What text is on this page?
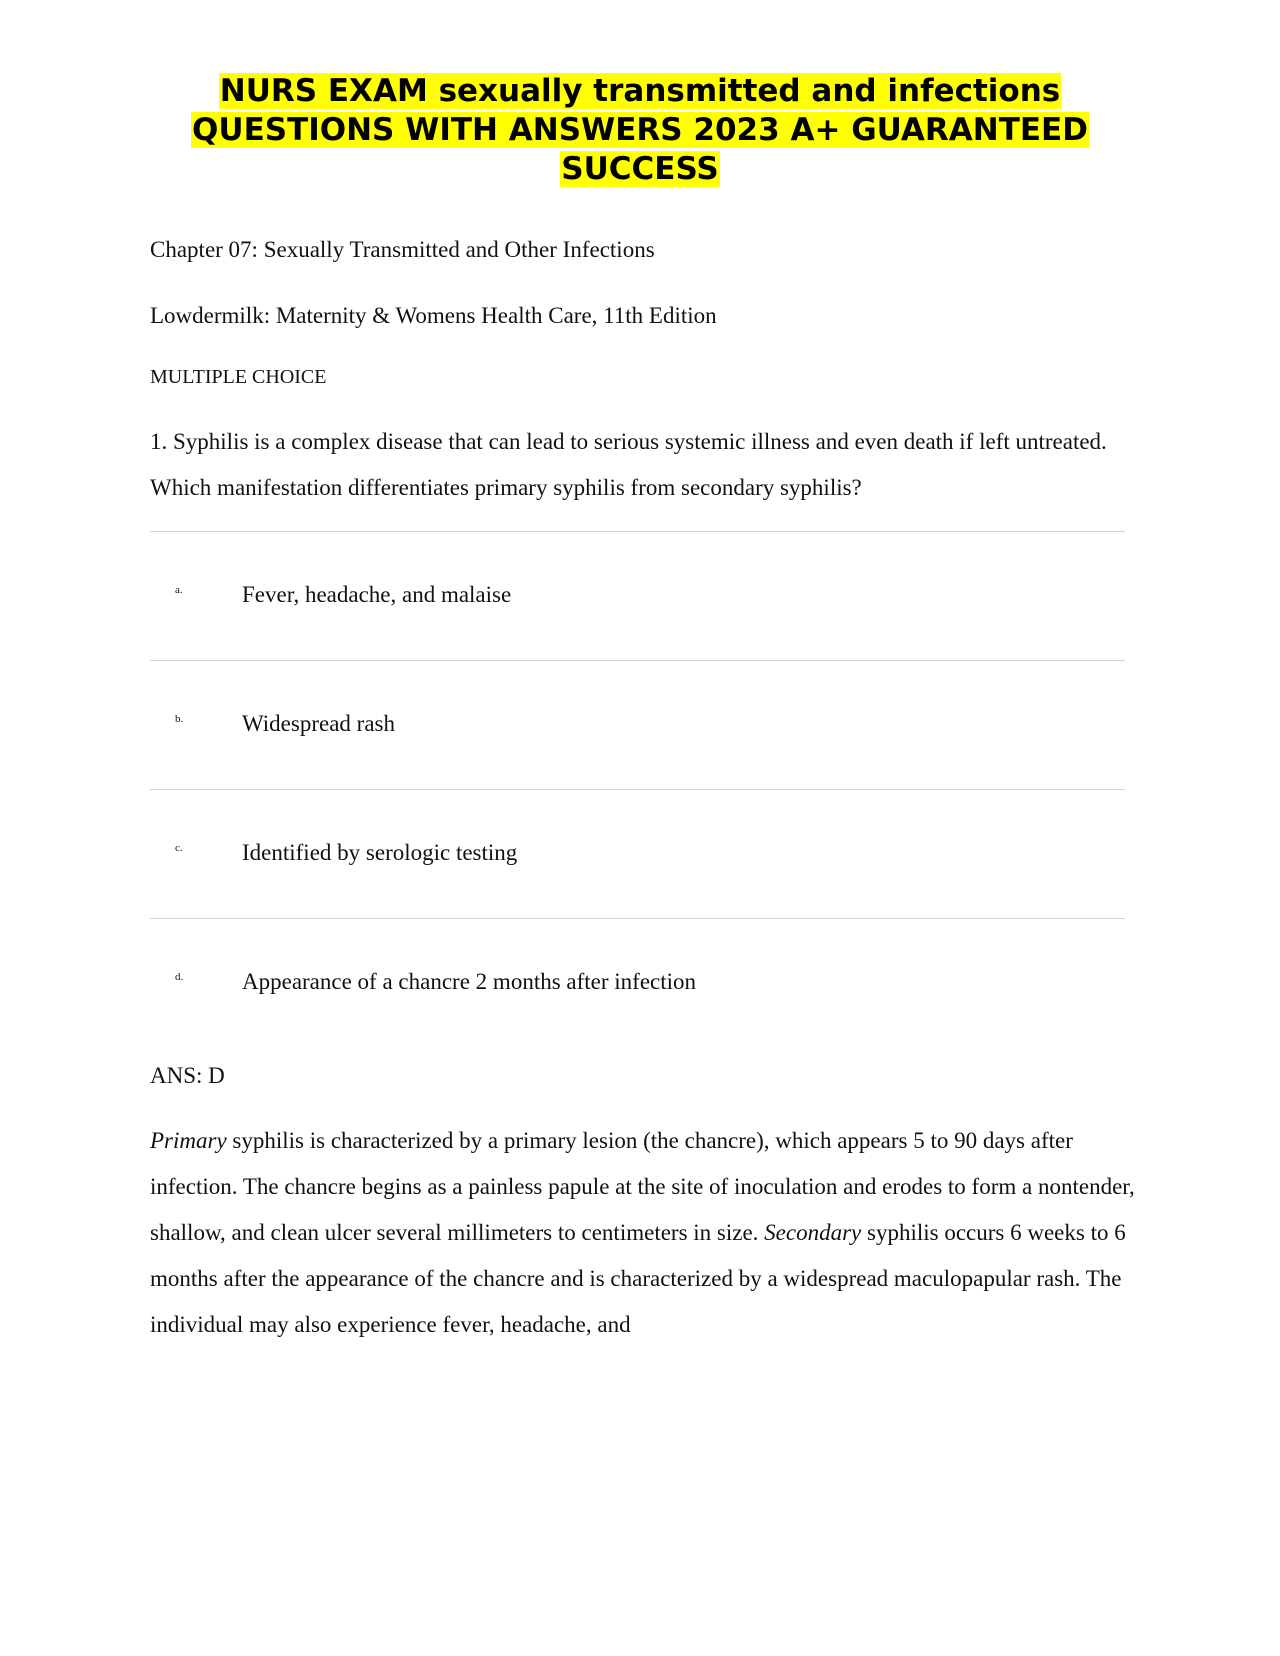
NURS EXAM sexually transmitted and infections QUESTIONS WITH ANSWERS 2023 A+ GUARANTEED SUCCESS
Chapter 07: Sexually Transmitted and Other Infections
Lowdermilk: Maternity & Womens Health Care, 11th Edition
MULTIPLE CHOICE
1. Syphilis is a complex disease that can lead to serious systemic illness and even death if left untreated. Which manifestation differentiates primary syphilis from secondary syphilis?
a.	Fever, headache, and malaise
b.	Widespread rash
c.	Identified by serologic testing
d.	Appearance of a chancre 2 months after infection
ANS: D
Primary syphilis is characterized by a primary lesion (the chancre), which appears 5 to 90 days after infection. The chancre begins as a painless papule at the site of inoculation and erodes to form a nontender, shallow, and clean ulcer several millimeters to centimeters in size. Secondary syphilis occurs 6 weeks to 6 months after the appearance of the chancre and is characterized by a widespread maculopapular rash. The individual may also experience fever, headache, and
